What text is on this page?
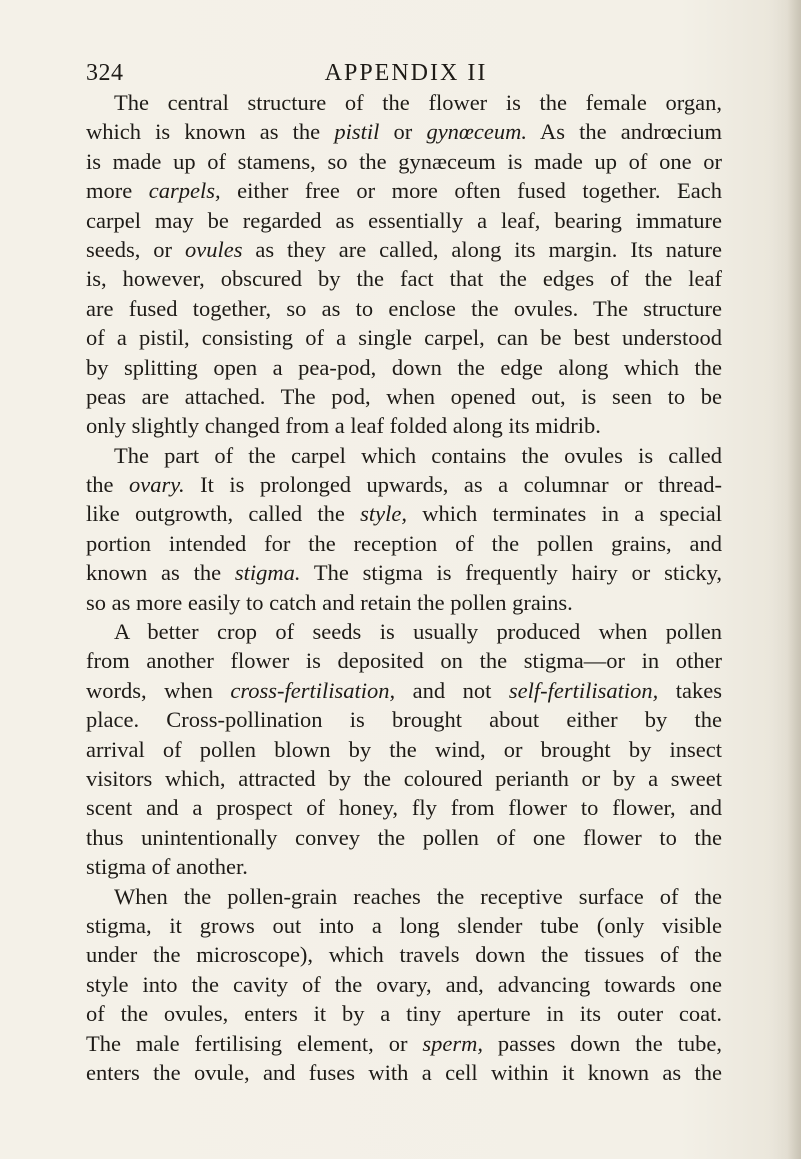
324	APPENDIX II
The central structure of the flower is the female organ,
which is known as the pistil or gynœceum. As the andrœcium
is made up of stamens, so the gynæceum is made up of one or
more carpels, either free or more often fused together. Each
carpel may be regarded as essentially a leaf, bearing immature
seeds, or ovules as they are called, along its margin. Its nature
is, however, obscured by the fact that the edges of the leaf
are fused together, so as to enclose the ovules. The structure
of a pistil, consisting of a single carpel, can be best understood
by splitting open a pea-pod, down the edge along which the
peas are attached. The pod, when opened out, is seen to be
only slightly changed from a leaf folded along its midrib.
The part of the carpel which contains the ovules is called
the ovary. It is prolonged upwards, as a columnar or thread-
like outgrowth, called the style, which terminates in a special
portion intended for the reception of the pollen grains, and
known as the stigma. The stigma is frequently hairy or sticky,
so as more easily to catch and retain the pollen grains.
A better crop of seeds is usually produced when pollen
from another flower is deposited on the stigma—or in other
words, when cross-fertilisation, and not self-fertilisation, takes
place. Cross-pollination is brought about either by the
arrival of pollen blown by the wind, or brought by insect
visitors which, attracted by the coloured perianth or by a sweet
scent and a prospect of honey, fly from flower to flower, and
thus unintentionally convey the pollen of one flower to the
stigma of another.
When the pollen-grain reaches the receptive surface of the
stigma, it grows out into a long slender tube (only visible
under the microscope), which travels down the tissues of the
style into the cavity of the ovary, and, advancing towards one
of the ovules, enters it by a tiny aperture in its outer coat.
The male fertilising element, or sperm, passes down the tube,
enters the ovule, and fuses with a cell within it known as the
